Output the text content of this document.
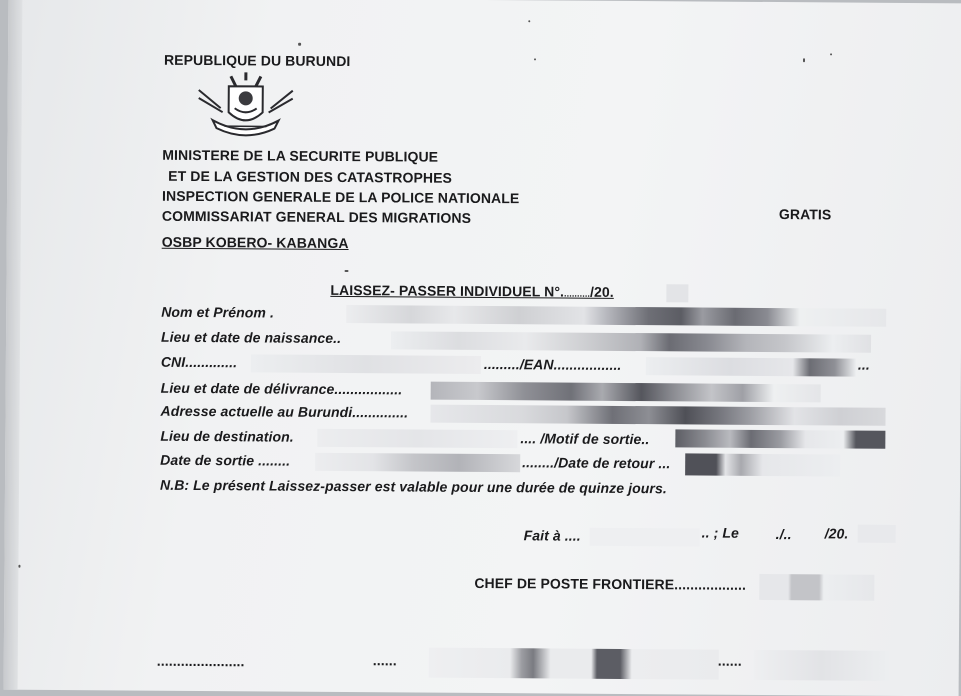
REPUBLIQUE DU BURUNDI
MINISTERE DE LA SECURITE PUBLIQUE
ET DE LA GESTION DES CATASTROPHES
INSPECTION GENERALE DE LA POLICE NATIONALE
COMMISSARIAT GENERAL DES MIGRATIONS
OSBP KOBERO- KABANGA
GRATIS
LAISSEZ- PASSER INDIVIDUEL N°.........../20.
Nom et Prénom .
Lieu et date de naissance..
CNI.............	........./EAN.................	...
Lieu et date de délivrance.................
Adresse actuelle au Burundi..............
Lieu de destination.	.... /Motif de sortie..
Date de sortie ........	......../Date de retour ...
N.B: Le présent Laissez-passer est valable pour une durée de quinze jours.
Fait à ....	.. ; Le	./.. /20.
CHEF DE POSTE FRONTIERE..................
......................	......	......
